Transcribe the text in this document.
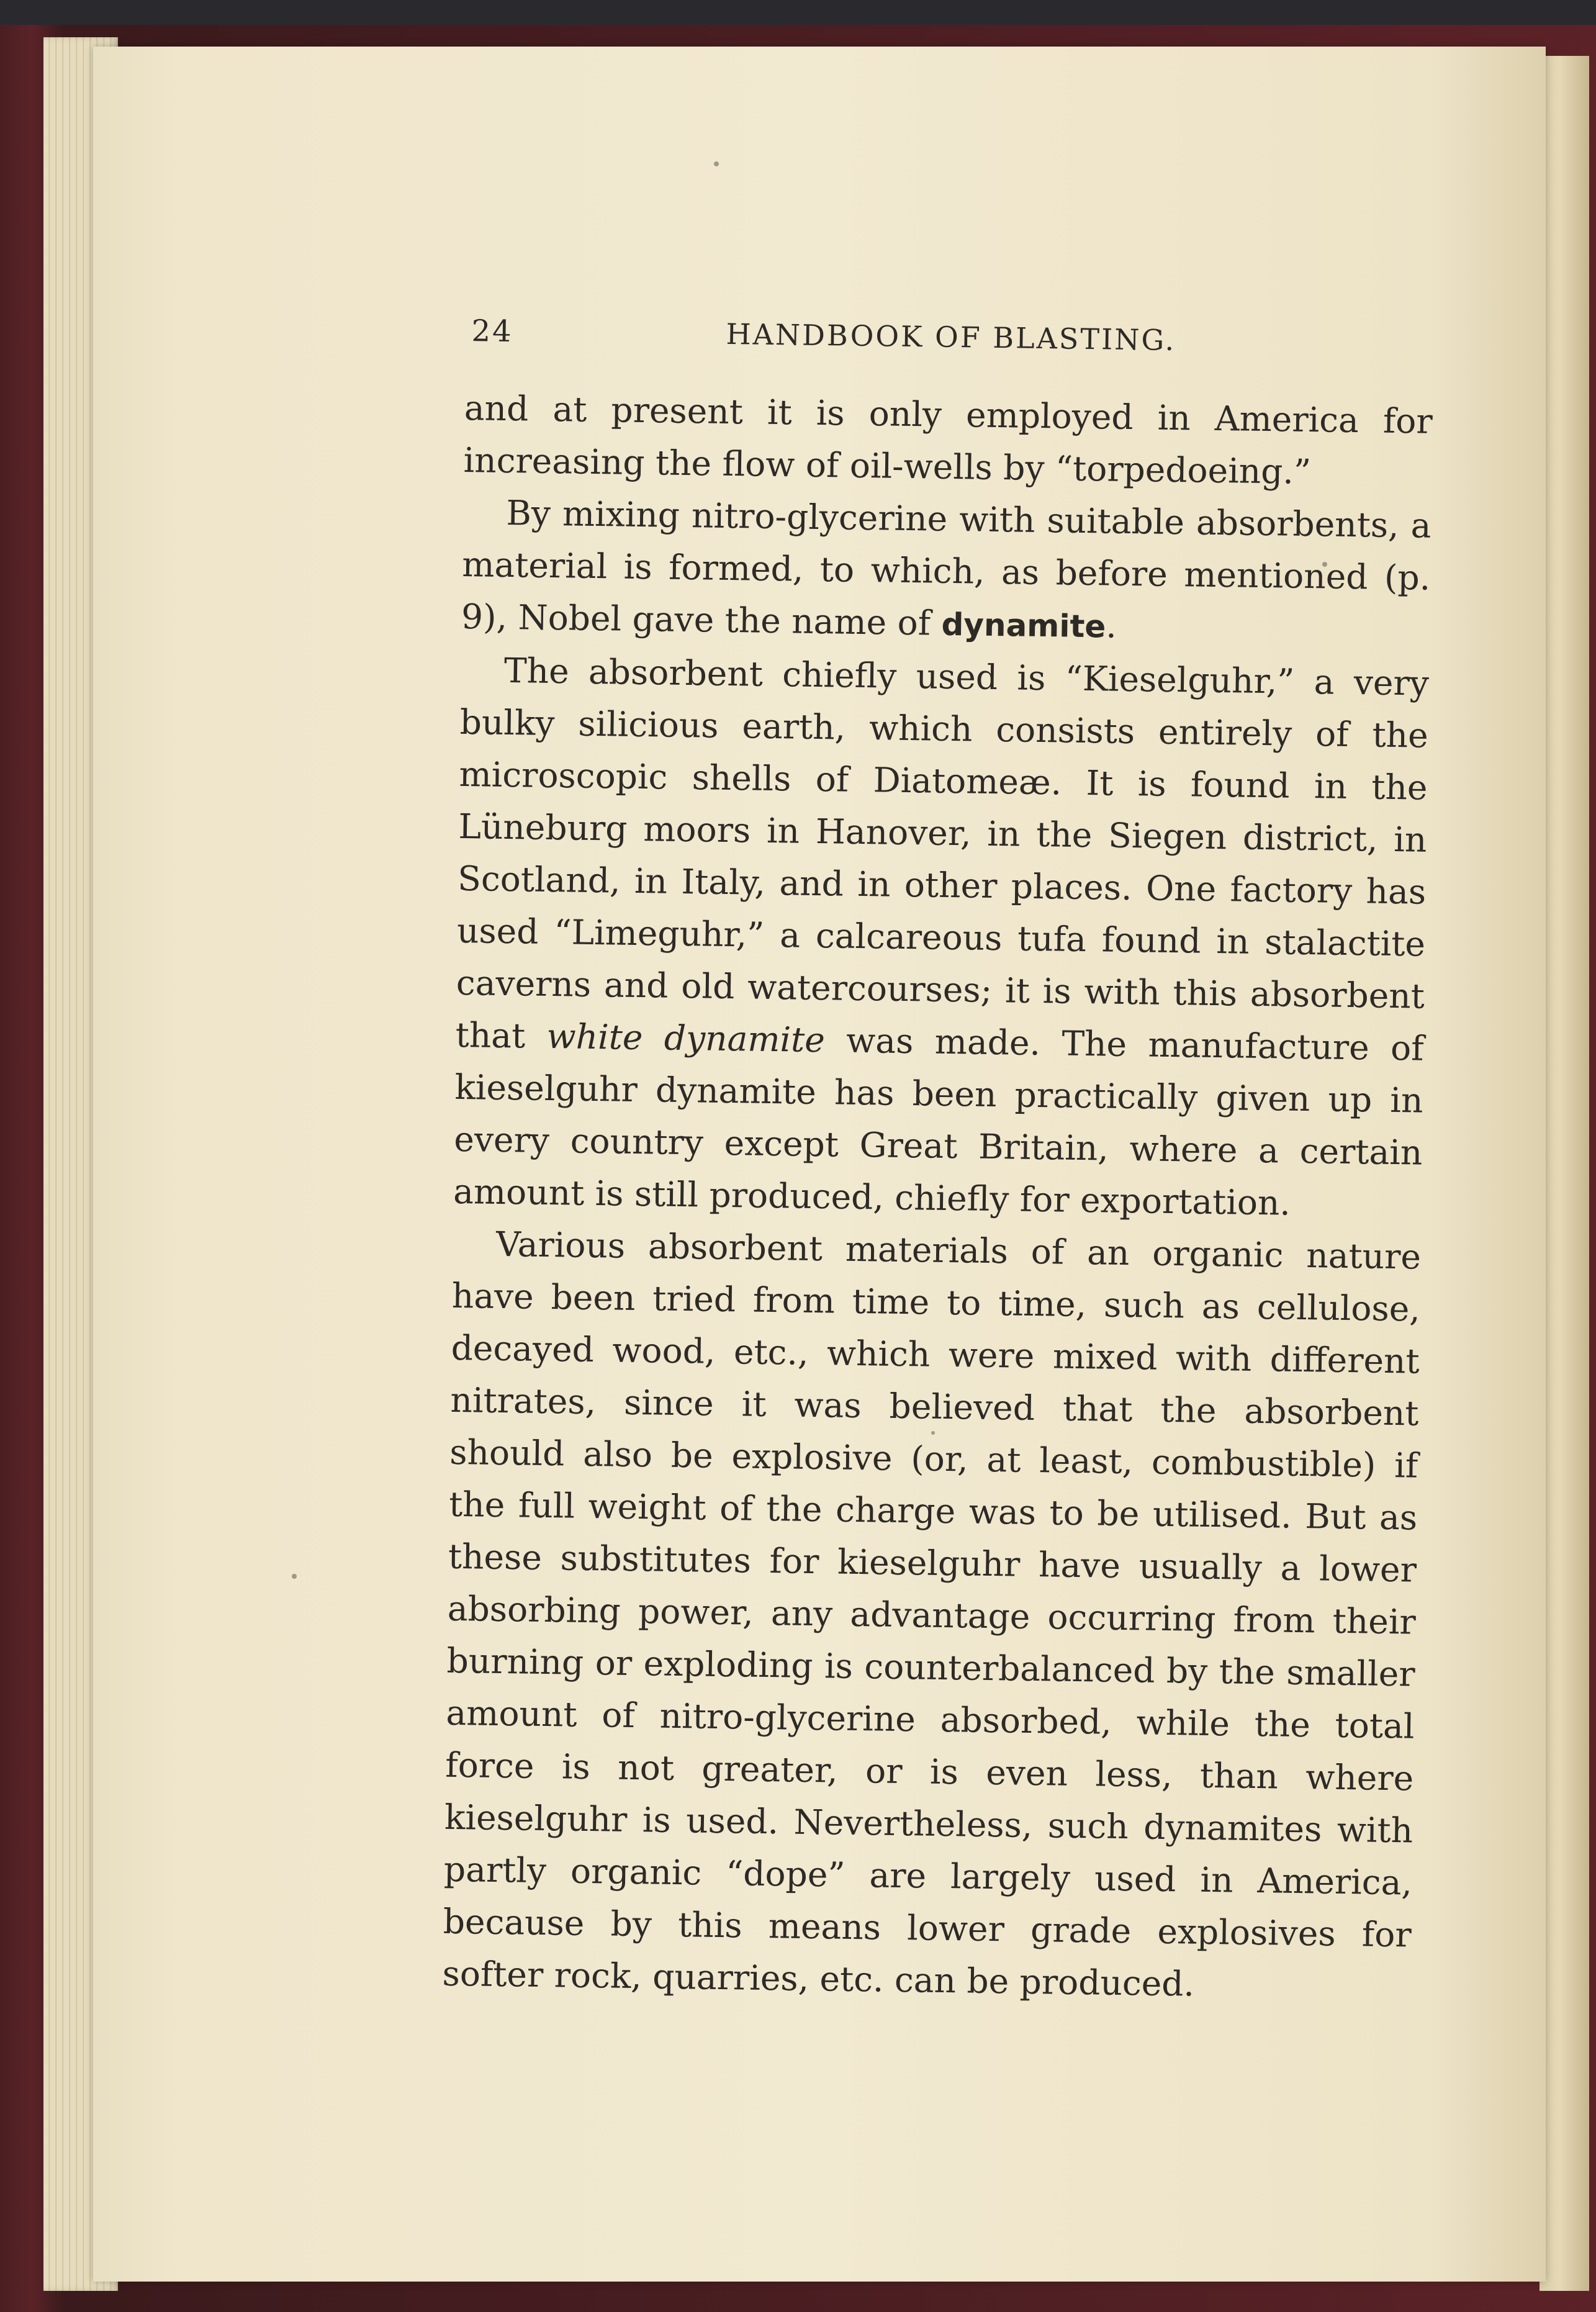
24	HANDBOOK OF BLASTING.

and at present it is only employed in America for increasing the flow of oil-wells by “torpedoeing.”

By mixing nitro-glycerine with suitable absorbents, a material is formed, to which, as before mentioned (p. 9), Nobel gave the name of dynamite.

The absorbent chiefly used is “Kieselguhr,” a very bulky silicious earth, which consists entirely of the microscopic shells of Diatomeæ. It is found in the Lüneburg moors in Hanover, in the Siegen district, in Scotland, in Italy, and in other places. One factory has used “Limeguhr,” a calcareous tufa found in stalactite caverns and old watercourses; it is with this absorbent that white dynamite was made. The manufacture of kieselguhr dynamite has been practically given up in every country except Great Britain, where a certain amount is still produced, chiefly for exportation.

Various absorbent materials of an organic nature have been tried from time to time, such as cellulose, decayed wood, etc., which were mixed with different nitrates, since it was believed that the absorbent should also be explosive (or, at least, combustible) if the full weight of the charge was to be utilised. But as these substitutes for kieselguhr have usually a lower absorbing power, any advantage occurring from their burning or exploding is counterbalanced by the smaller amount of nitro-glycerine absorbed, while the total force is not greater, or is even less, than where kieselguhr is used. Nevertheless, such dynamites with partly organic “dope” are largely used in America, because by this means lower grade explosives for softer rock, quarries, etc. can be produced.
